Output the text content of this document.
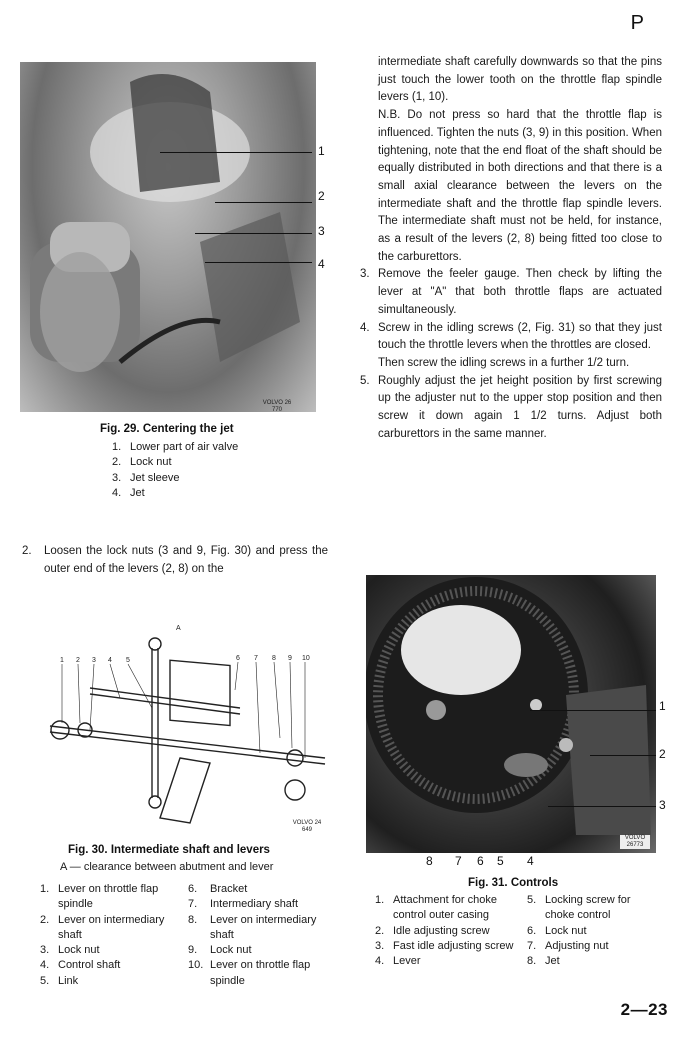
P
2—23
VOLVO 26 770
1
2
3
4
Fig. 29. Centering the jet
1. Lower part of air valve
2. Lock nut
3. Jet sleeve
4. Jet

intermediate shaft carefully downwards so that the pins just touch the lower tooth on the throttle flap spindle levers (1, 10).

N.B. Do not press so hard that the throttle flap is influenced. Tighten the nuts (3, 9) in this position. When tightening, note that the end float of the shaft should be equally distributed in both directions and that there is a small axial clearance between the levers on the intermediate shaft and the throttle flap spindle levers. The intermediate shaft must not be held, for instance, as a result of the levers (2, 8) being fitted too close to the carburettors.

3. Remove the feeler gauge. Then check by lifting the lever at "A" that both throttle flaps are actuated simultaneously.
4. Screw in the idling screws (2, Fig. 31) so that they just touch the throttle levers when the throttles are closed.

Then screw the idling screws in a further 1/2 turn.

5. Roughly adjust the jet height position by first screwing up the adjuster nut to the upper stop position and then screw it down again 1 1/2 turns. Adjust both carburettors in the same manner.
2.	Loosen the lock nuts (3 and 9, Fig. 30) and press the outer end of the levers (2, 8) on the
1 2 3 4 5	6 7 8 9 10
A
VOLVO 24 649
Fig. 30. Intermediate shaft and levers
A — clearance between abutment and lever
1. Lever on throttle flap spindle
2. Lever on intermediary shaft
3. Lock nut
4. Control shaft
5. Link
6. Bracket
7. Intermediary shaft
8. Lever on intermediary shaft
9. Lock nut
10. Lever on throttle flap spindle
VOLVO 26773
1
2
3
8 7 6 5 4
Fig. 31. Controls
1. Attachment for choke control outer casing
2. Idle adjusting screw
3. Fast idle adjusting screw
4. Lever
5. Locking screw for choke control
6. Lock nut
7. Adjusting nut
8. Jet
